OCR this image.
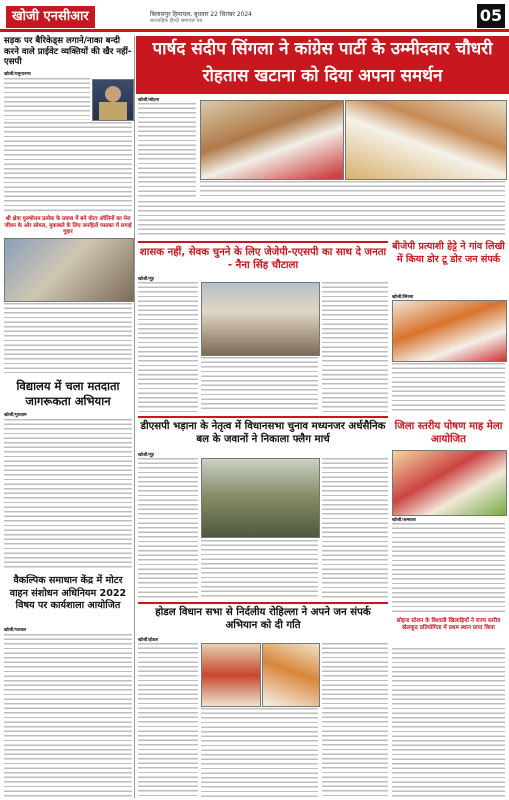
खोजी एनसीआर	बिलासपुर हिमाचल, बुधवार 22 सितंबर 2024
साप्ताहिक हिन्दी समाचार पत्र	05
सड़क पर बैरिकेड्स लगाने/नाका बन्दी करने वाले प्राईवेट व्यक्तियों की खैर नहीं-एसपी
खोजी/यमुनानगर
श्री क्षेत्रा पुरुषोत्तम प्रत्येक के प्रयास में बने वोटर ऑलिनों का मेरा जीवन के ओर सोमल, मुकाबले के लिए जनहितों पस्तका में लगाई गुहार
विद्यालय में चला मतदाता जागरूकता अभियान
खोजी/गुरुग्राम
वैकल्पिक समाधान केंद्र में मोटर वाहन संशोधन अधिनियम 2022 विषय पर कार्यशाला आयोजित
खोजी/पलवल
पार्षद संदीप सिंगला ने कांग्रेस पार्टी के उम्मीदवार चौधरी रोहतास खटाना को दिया अपना समर्थन
खोजी/सोहना
शासक नहीं, सेवक चुनने के लिए जेजेपी-एएसपी का साथ दे जनता - नैना सिंह चौटाला
खोजी/नूंह
बीजेपी प्रत्याशी हेट्टे ने गांव लिखी में किया डोर टू डोर जन संपर्क
खोजी/सिरसा
डीएसपी भड़ाना के नेतृत्व में विधानसभा चुनाव मध्यनजर अर्धसैनिक बल के जवानों ने निकाला फ्लैग मार्च
खोजी/नूंह
जिला स्तरीय पोषण माह मेला आयोजित
खोजी/अम्बाला
होडल विधान सभा से निर्दलीय रोहिल्ला ने अपने जन संपर्क अभियान को दी गति
खोजी/होडल
सोहना स्टेशन के विशाली खिलाड़ियों ने राज्य स्तरीय खेलकूद प्रतियोगिता में प्रथम स्थान प्राप्त किया
